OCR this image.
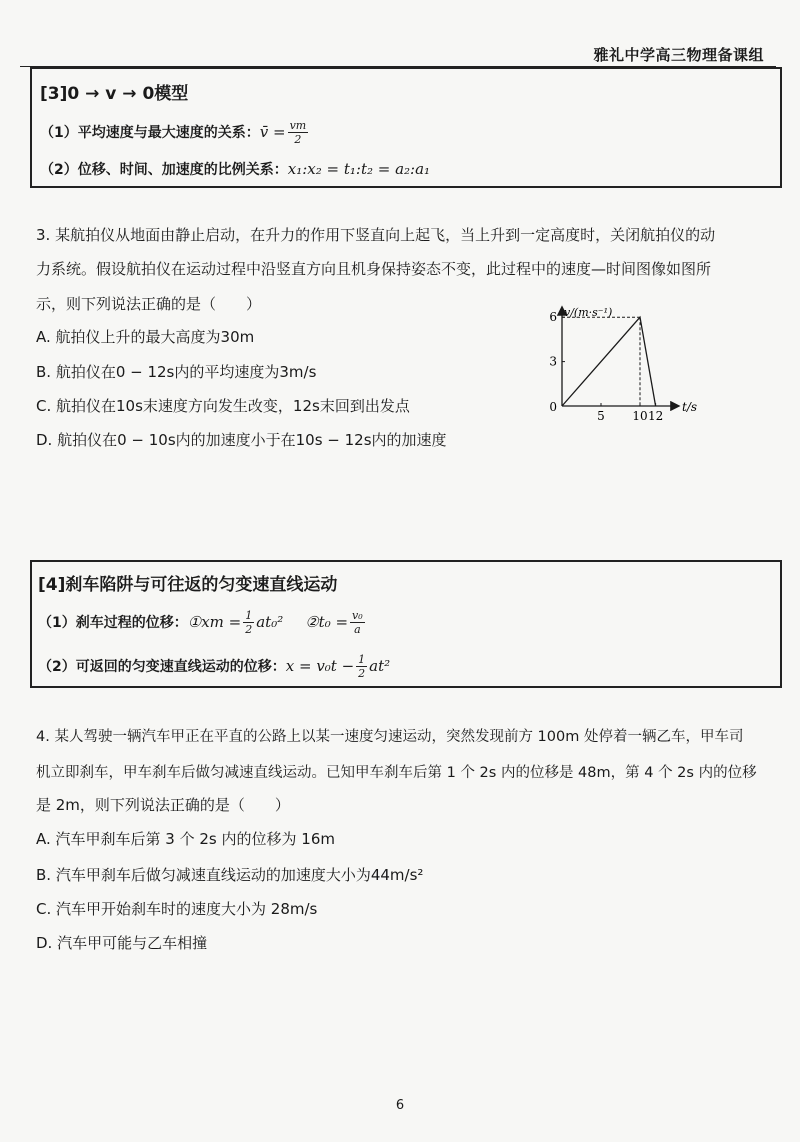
雅礼中学高三物理备课组
[3]0 → v → 0模型
（1）平均速度与最大速度的关系： v̄ = $\frac{vm}{2}$
（2）位移、时间、加速度的比例关系： x₁:x₂ = t₁:t₂ = a₂:a₁
3. 某航拍仪从地面由静止启动，在升力的作用下竖直向上起飞，当上升到一定高度时，关闭航拍仪的动
力系统。假设航拍仪在运动过程中沿竖直方向且机身保持姿态不变，此过程中的速度—时间图像如图所
示，则下列说法正确的是（　　）
A. 航拍仪上升的最大高度为30m
B. 航拍仪在0 − 12s内的平均速度为3m/s
C. 航拍仪在10s末速度方向发生改变，12s末回到出发点
D. 航拍仪在0 − 10s内的加速度小于在10s − 12s内的加速度
5 10 12
3
6
0
v/(m·s⁻¹)
t/s
[4]刹车陷阱与可往返的匀变速直线运动
（1）刹车过程的位移： ①xm = $\frac{1}{2} at_0^2$ ②t₀ = $\frac{\text{v₀}}{a}$
（2）可返回的匀变速直线运动的位移： $x = v_0t - \frac{1}{2} at^2$
4. 某人驾驶一辆汽车甲正在平直的公路上以某一速度匀速运动，突然发现前方 100m 处停着一辆乙车，甲车司
机立即刹车，甲车刹车后做匀减速直线运动。已知甲车刹车后第 1 个 2s 内的位移是 48m，第 4 个 2s 内的位移
是 2m，则下列说法正确的是（　　）
A. 汽车甲刹车后第 3 个 2s 内的位移为 16m
B. 汽车甲刹车后做匀减速直线运动的加速度大小为44m/s²
C. 汽车甲开始刹车时的速度大小为 28m/s
D. 汽车甲可能与乙车相撞
6
